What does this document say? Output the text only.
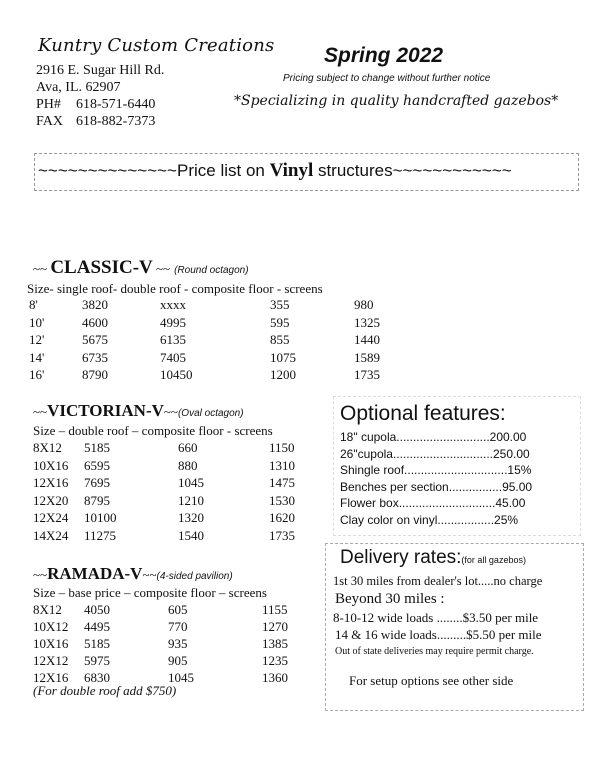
Kuntry Custom Creations
2916 E. Sugar Hill Rd.
Ava, IL. 62907
PH# 618-571-6440
FAX 618-882-7373
Spring 2022
Pricing subject to change without further notice
*Specializing in quality handcrafted gazebos*
~~~~~~~~~~~~~~Price list on Vinyl structures~~~~~~~~~~~~
~~ CLASSIC-V ~~ (Round octagon)
Size- single roof- double roof - composite floor - screens
8'	3820	xxxx	355	980
10'	4600	4995	595	1325
12'	5675	6135	855	1440
14'	6735	7405	1075	1589
16'	8790	10450	1200	1735
~~VICTORIAN-V~~(Oval octagon)
Size – double roof – composite floor - screens
8X12 5185	660	1150
10X16 6595	880	1310
12X16 7695	1045	1475
12X20 8795	1210	1530
12X24 10100	1320	1620
14X24 11275	1540	1735
~~RAMADA-V~~(4-sided pavilion)
Size – base price – composite floor – screens
8X12 4050	605	1155
10X12 4495	770	1270
10X16 5185	935	1385
12X12 5975	905	1235
12X16 6830	1045	1360
(For double roof add $750)
Optional features:
18" cupola............................200.00
26"cupola..............................250.00
Shingle roof...............................15%
Benches per section................95.00
Flower box.............................45.00
Clay color on vinyl.................25%
Delivery rates:(for all gazebos)
1st 30 miles from dealer's lot.....no charge
Beyond 30 miles :
8-10-12 wide loads ........$3.50 per mile
14 & 16 wide loads.........$5.50 per mile
Out of state deliveries may require permit charge.
For setup options see other side
